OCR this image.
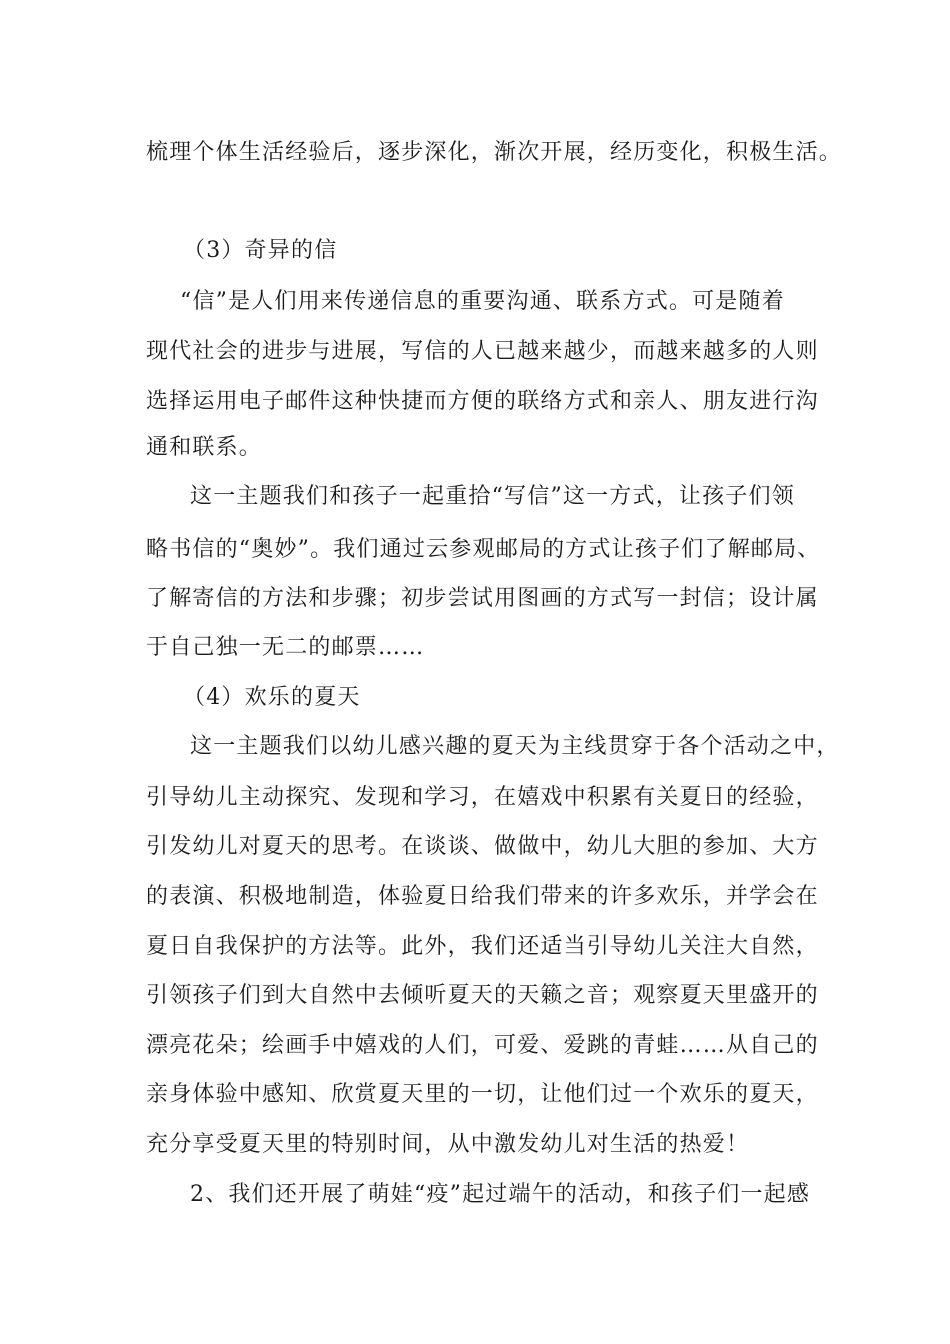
梳理个体生活经验后，逐步深化，渐次开展，经历变化，积极生活。
（3）奇异的信
“信”是人们用来传递信息的重要沟通、联系方式。可是随着
现代社会的进步与进展，写信的人已越来越少，而越来越多的人则
选择运用电子邮件这种快捷而方便的联络方式和亲人、朋友进行沟
通和联系。
这一主题我们和孩子一起重拾“写信”这一方式，让孩子们领
略书信的“奥妙”。我们通过云参观邮局的方式让孩子们了解邮局、
了解寄信的方法和步骤；初步尝试用图画的方式写一封信；设计属
于自己独一无二的邮票……
（4）欢乐的夏天
这一主题我们以幼儿感兴趣的夏天为主线贯穿于各个活动之中，
引导幼儿主动探究、发现和学习，在嬉戏中积累有关夏日的经验，
引发幼儿对夏天的思考。在谈谈、做做中，幼儿大胆的参加、大方
的表演、积极地制造，体验夏日给我们带来的许多欢乐，并学会在
夏日自我保护的方法等。此外，我们还适当引导幼儿关注大自然，
引领孩子们到大自然中去倾听夏天的天籁之音；观察夏天里盛开的
漂亮花朵；绘画手中嬉戏的人们，可爱、爱跳的青蛙……从自己的
亲身体验中感知、欣赏夏天里的一切，让他们过一个欢乐的夏天，
充分享受夏天里的特别时间，从中激发幼儿对生活的热爱！
2、我们还开展了萌娃“疫”起过端午的活动，和孩子们一起感
